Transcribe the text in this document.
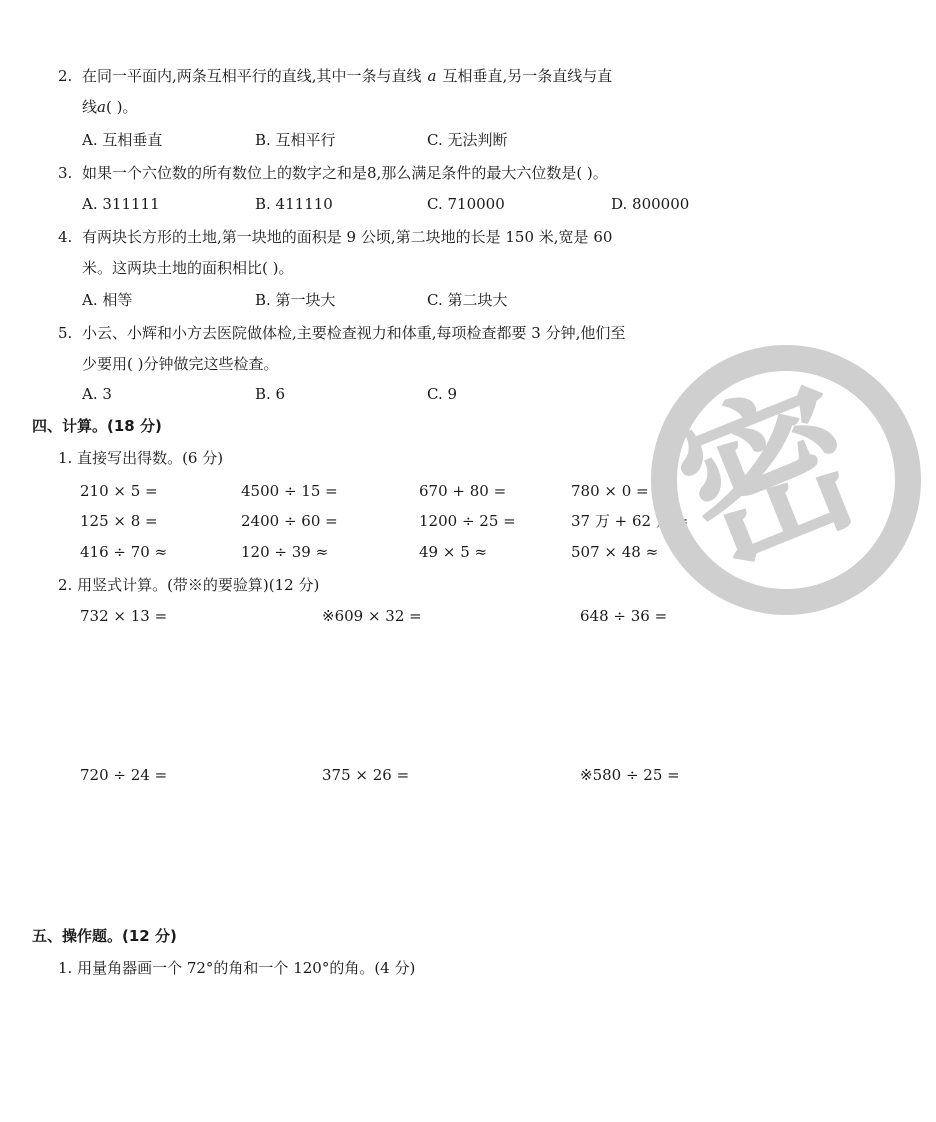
2. 在同一平面内,两条互相平行的直线,其中一条与直线 a 互相垂直,另一条直线与直
线a( )。
A. 互相垂直	B. 互相平行	C. 无法判断
3. 如果一个六位数的所有数位上的数字之和是8,那么满足条件的最大六位数是( )。
A. 311111	B. 411110	C. 710000	D. 800000
4. 有两块长方形的土地,第一块地的面积是 9 公顷,第二块地的长是 150 米,宽是 60
米。这两块土地的面积相比( )。
A. 相等	B. 第一块大	C. 第二块大
5. 小云、小辉和小方去医院做体检,主要检查视力和体重,每项检查都要 3 分钟,他们至
少要用( )分钟做完这些检查。
A. 3	B. 6	C. 9
四、计算。(18 分)
1. 直接写出得数。(6 分)
210 × 5 =	4500 ÷ 15 =	670 + 80 =	780 × 0 =
125 × 8 =	2400 ÷ 60 =	1200 ÷ 25 =	37 万 + 62 万 =
416 ÷ 70 ≈	120 ÷ 39 ≈	49 × 5 ≈	507 × 48 ≈
2. 用竖式计算。(带※的要验算)(12 分)
732 × 13 =	※609 × 32 =	648 ÷ 36 =
720 ÷ 24 =	375 × 26 =	※580 ÷ 25 =
五、操作题。(12 分)
1. 用量角器画一个 72°的角和一个 120°的角。(4 分)
密
